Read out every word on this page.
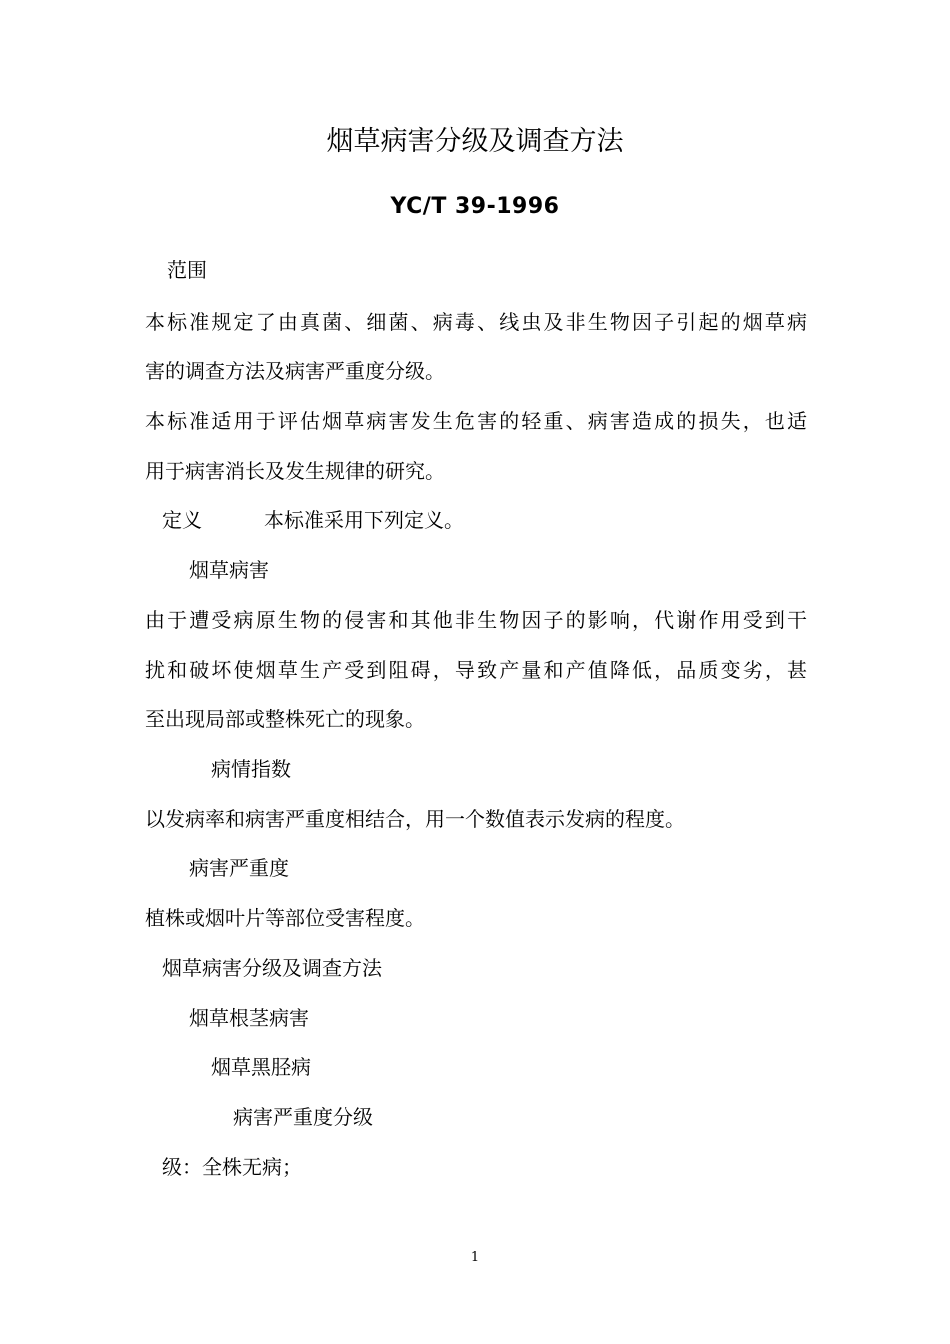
烟草病害分级及调查方法
YC/T 39-1996
范围
本标准规定了由真菌、细菌、病毒、线虫及非生物因子引起的烟草病
害的调查方法及病害严重度分级。
本标准适用于评估烟草病害发生危害的轻重、病害造成的损失，也适
用于病害消长及发生规律的研究。
定义	本标准采用下列定义。
烟草病害
由于遭受病原生物的侵害和其他非生物因子的影响，代谢作用受到干
扰和破坏使烟草生产受到阻碍，导致产量和产值降低，品质变劣，甚
至出现局部或整株死亡的现象。
病情指数
以发病率和病害严重度相结合，用一个数值表示发病的程度。
病害严重度
植株或烟叶片等部位受害程度。
烟草病害分级及调查方法
烟草根茎病害
烟草黑胫病
病害严重度分级
级：全株无病；
1
